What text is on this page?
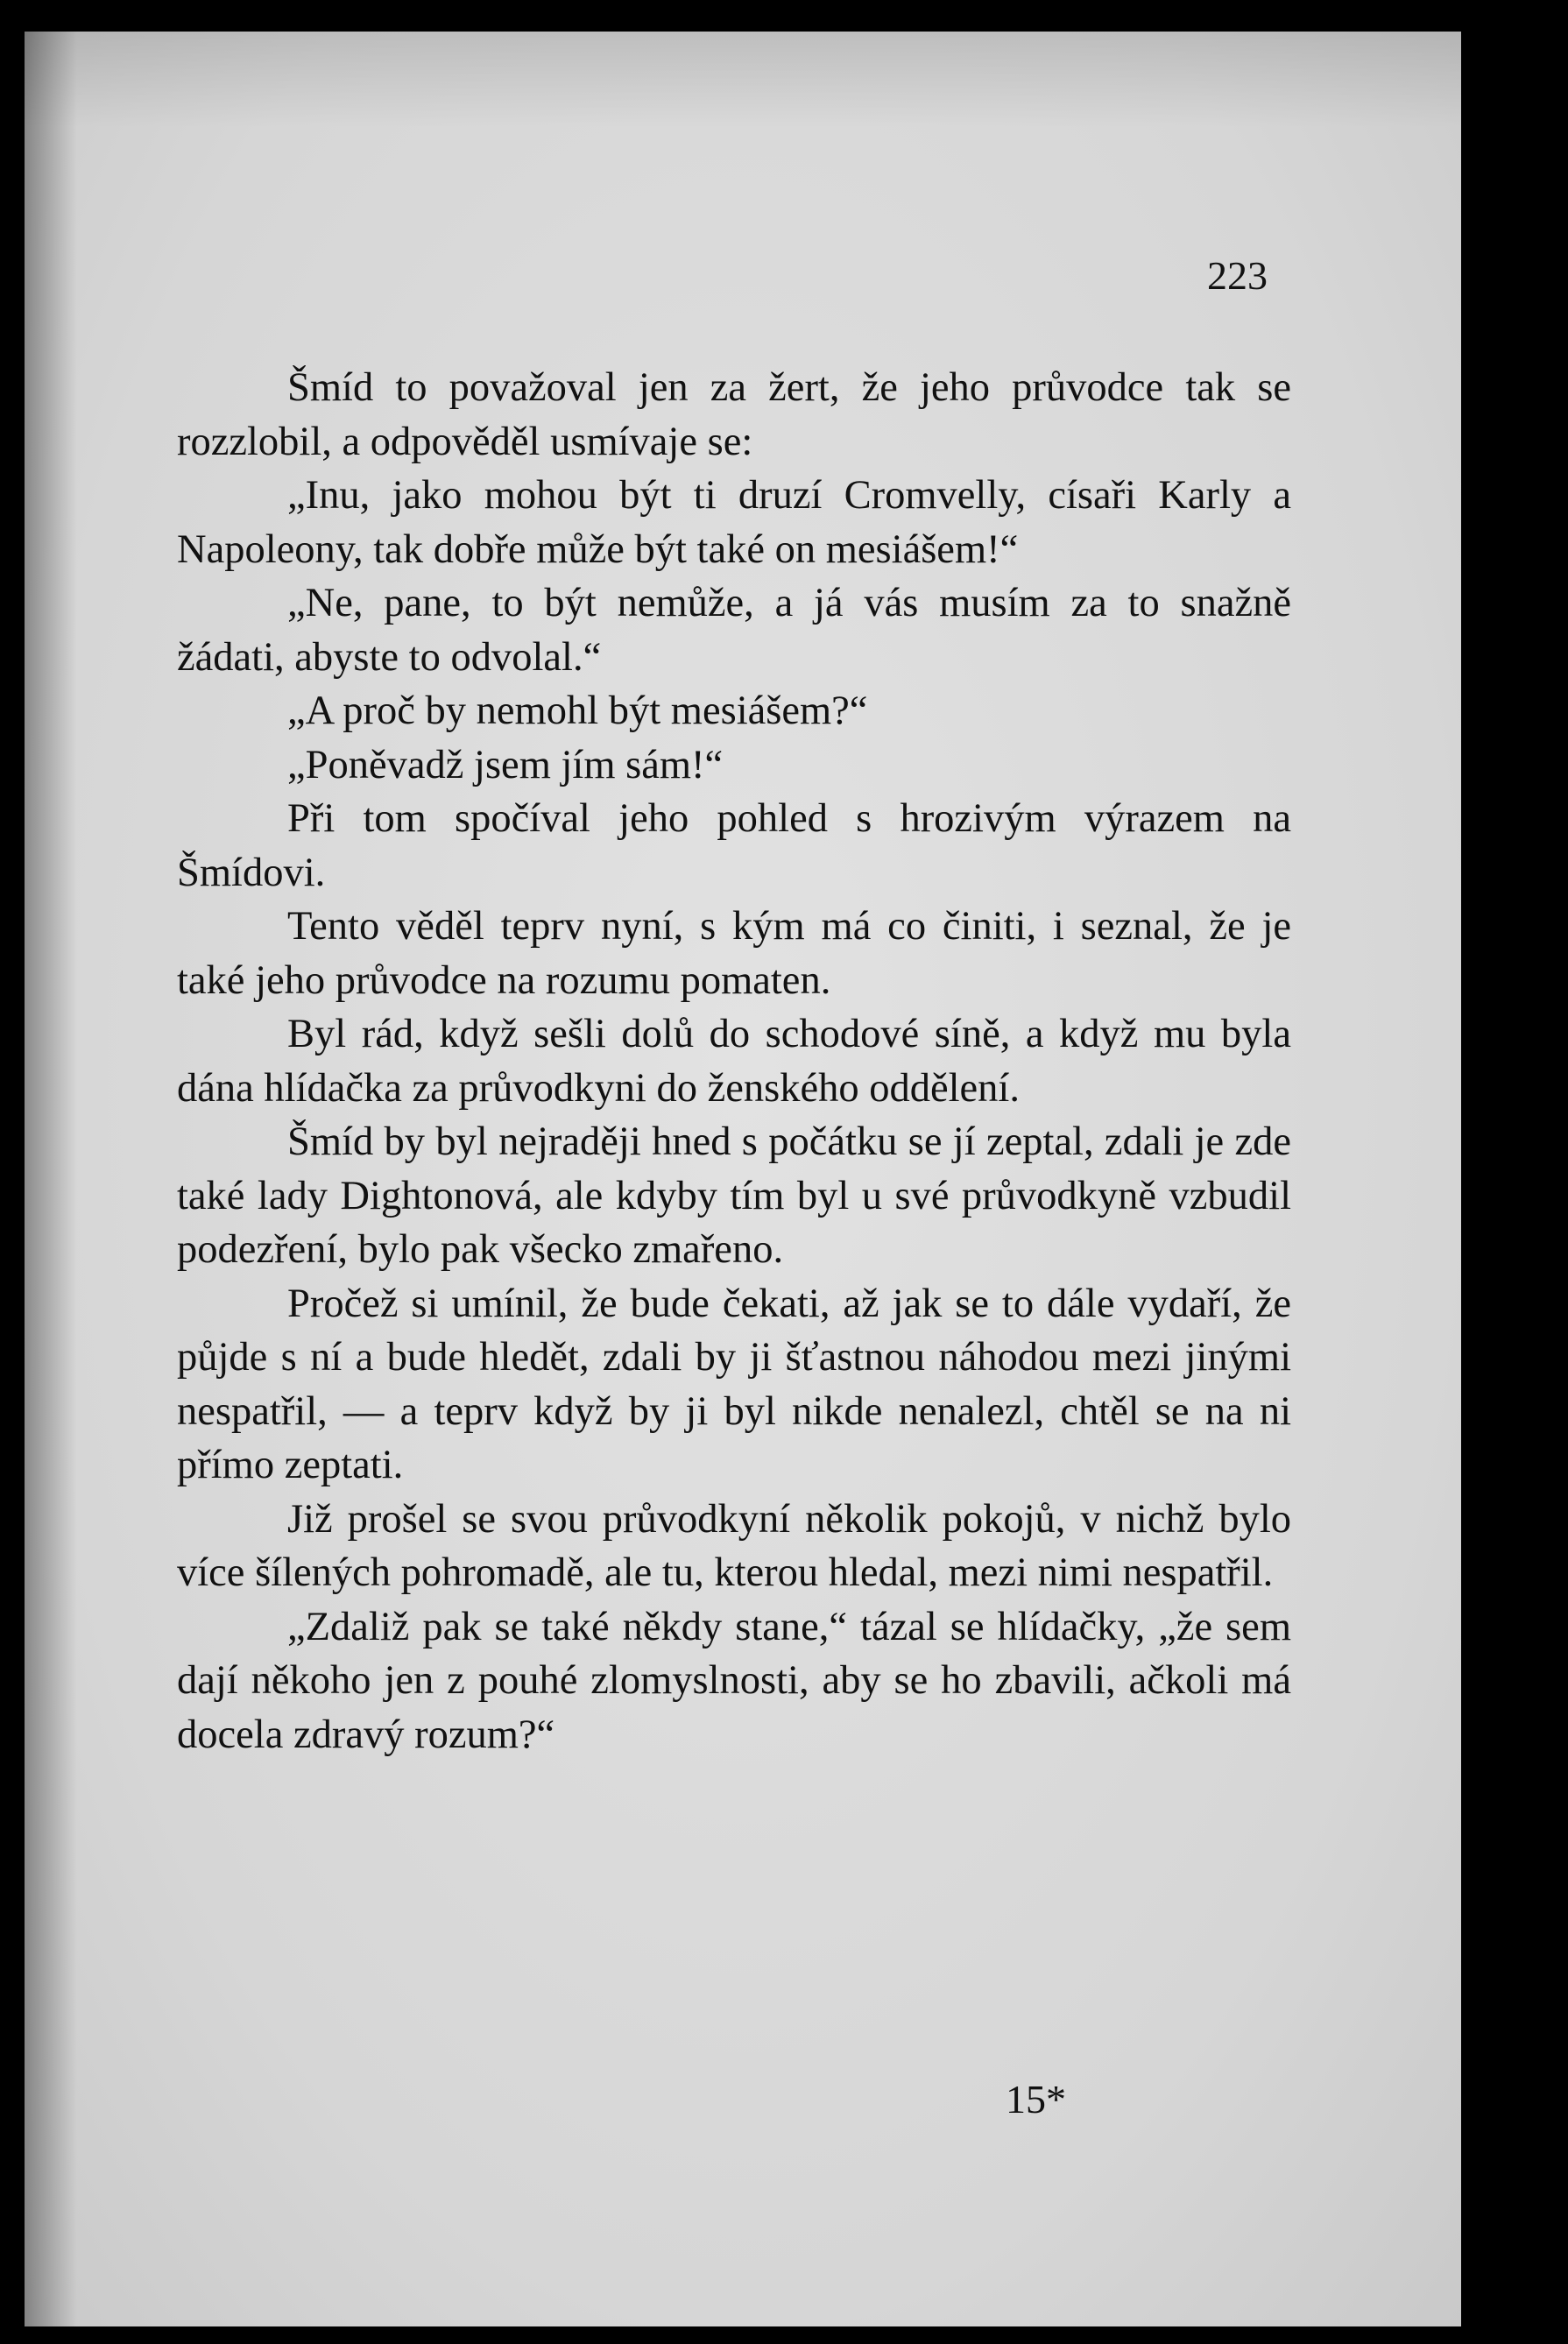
223

Šmíd to považoval jen za žert, že jeho průvodce tak se rozzlobil, a odpověděl usmívaje se:

„Inu, jako mohou být ti druzí Cromvelly, císaři Karly a Napoleony, tak dobře může být také on mesiášem!“

„Ne, pane, to být nemůže, a já vás musím za to snažně žádati, abyste to odvolal.“

„A proč by nemohl být mesiášem?“

„Poněvadž jsem jím sám!“

Při tom spočíval jeho pohled s hrozivým výrazem na Šmídovi.

Tento věděl teprv nyní, s kým má co činiti, i seznal, že je také jeho průvodce na rozumu pomaten.

Byl rád, když sešli dolů do schodové síně, a když mu byla dána hlídačka za průvodkyni do ženského oddělení.

Šmíd by byl nejraději hned s počátku se jí zeptal, zdali je zde také lady Dightonová, ale kdyby tím byl u své průvodkyně vzbudil podezření, bylo pak všecko zmařeno.

Pročež si umínil, že bude čekati, až jak se to dále vydaří, že půjde s ní a bude hledět, zdali by ji šťastnou náhodou mezi jinými nespatřil, — a teprv když by ji byl nikde nenalezl, chtěl se na ni přímo zeptati.

Již prošel se svou průvodkyní několik pokojů, v nichž bylo více šílených pohromadě, ale tu, kterou hledal, mezi nimi nespatřil.

„Zdaliž pak se také někdy stane,“ tázal se hlídačky, „že sem dají někoho jen z pouhé zlomyslnosti, aby se ho zbavili, ačkoli má docela zdravý rozum?“

15*
